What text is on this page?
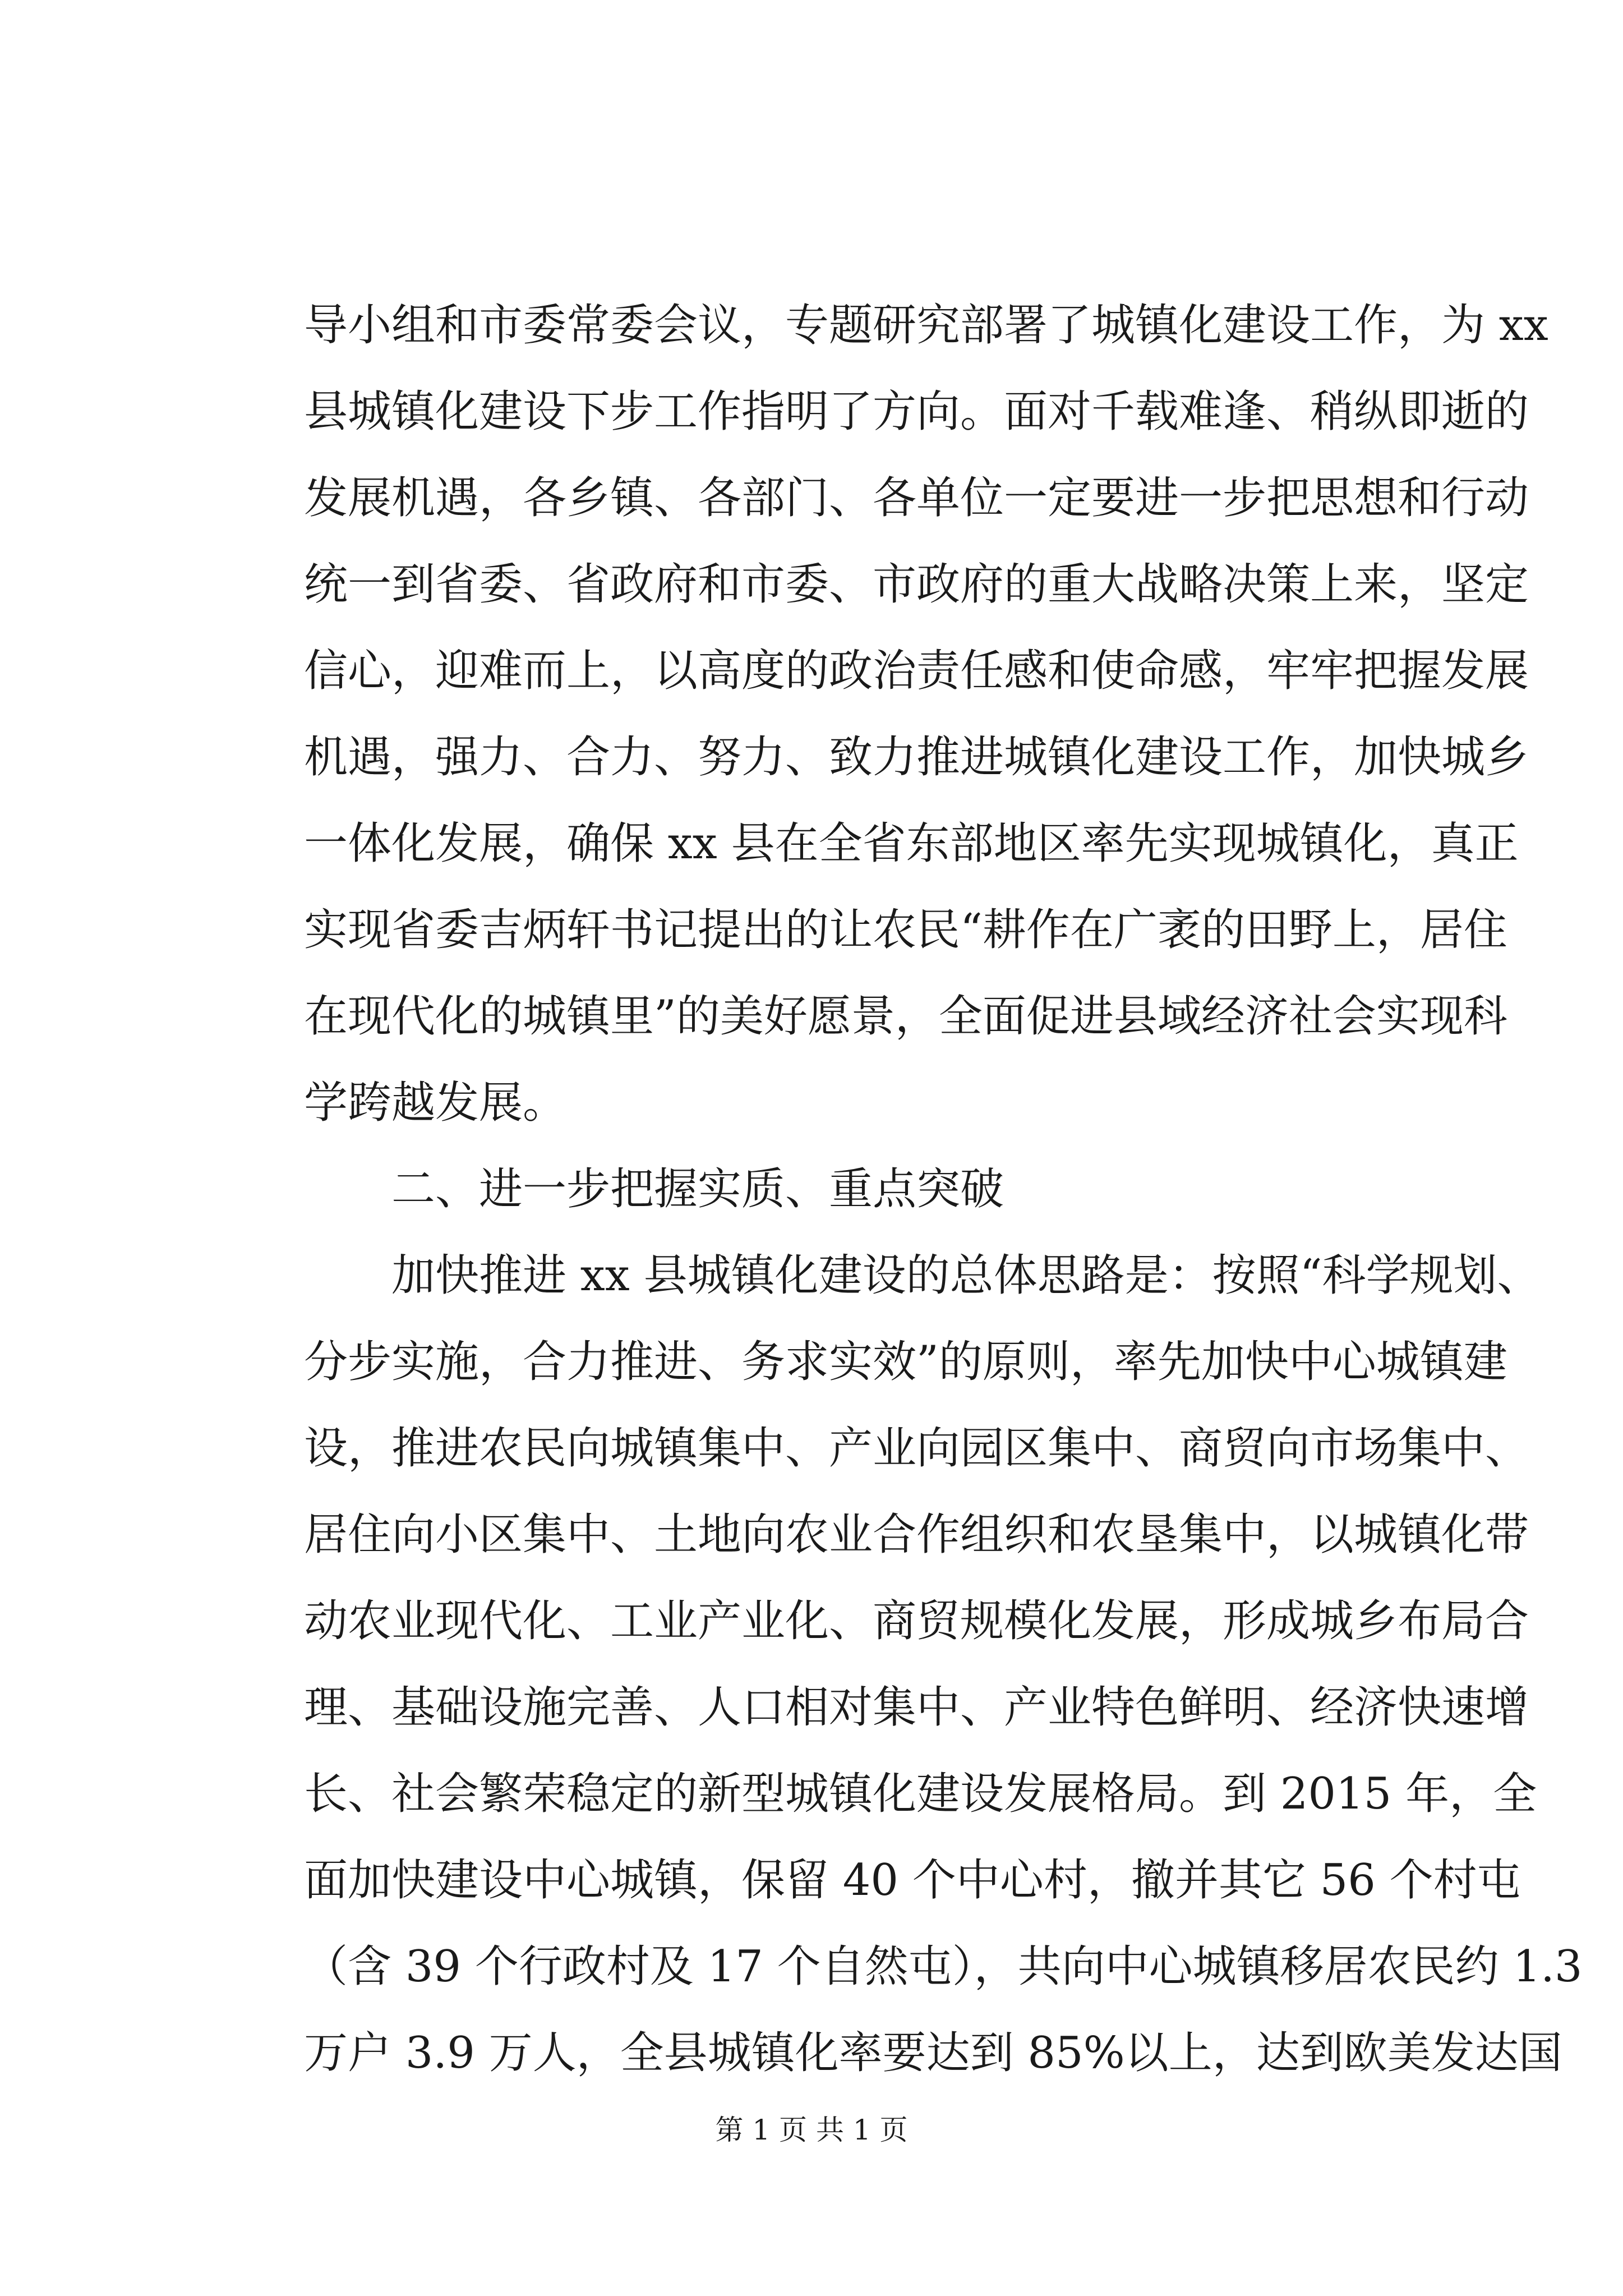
导小组和市委常委会议，专题研究部署了城镇化建设工作，为 xx
县城镇化建设下步工作指明了方向。面对千载难逢、稍纵即逝的
发展机遇，各乡镇、各部门、各单位一定要进一步把思想和行动
统一到省委、省政府和市委、市政府的重大战略决策上来，坚定
信心，迎难而上，以高度的政治责任感和使命感，牢牢把握发展
机遇，强力、合力、努力、致力推进城镇化建设工作，加快城乡
一体化发展，确保 xx 县在全省东部地区率先实现城镇化，真正
实现省委吉炳轩书记提出的让农民“耕作在广袤的田野上，居住
在现代化的城镇里”的美好愿景，全面促进县域经济社会实现科
学跨越发展。
　　二、进一步把握实质、重点突破
　　加快推进 xx 县城镇化建设的总体思路是：按照“科学规划、
分步实施，合力推进、务求实效”的原则，率先加快中心城镇建
设，推进农民向城镇集中、产业向园区集中、商贸向市场集中、
居住向小区集中、土地向农业合作组织和农垦集中，以城镇化带
动农业现代化、工业产业化、商贸规模化发展，形成城乡布局合
理、基础设施完善、人口相对集中、产业特色鲜明、经济快速增
长、社会繁荣稳定的新型城镇化建设发展格局。到 2015 年，全
面加快建设中心城镇，保留 40 个中心村，撤并其它 56 个村屯
（含 39 个行政村及 17 个自然屯），共向中心城镇移居农民约 1.3
万户 3.9 万人，全县城镇化率要达到 85%以上，达到欧美发达国
第 1 页 共 1 页
